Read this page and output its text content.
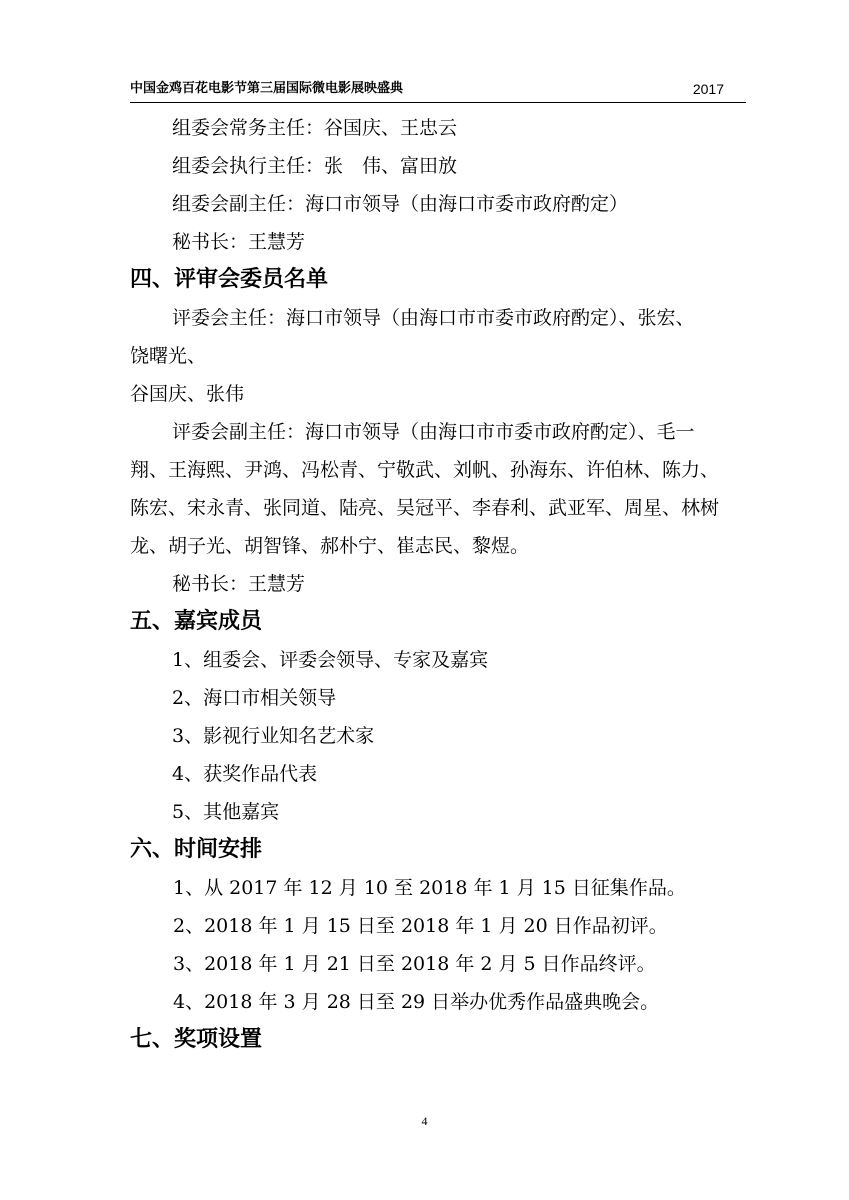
中国金鸡百花电影节第三届国际微电影展映盛典	2017
组委会常务主任：谷国庆、王忠云
组委会执行主任：张　伟、富田放
组委会副主任：海口市领导（由海口市委市政府酌定）
秘书长：王慧芳
四、评审会委员名单
评委会主任：海口市领导（由海口市市委市政府酌定）、张宏、
饶曙光、
谷国庆、张伟
评委会副主任：海口市领导（由海口市市委市政府酌定）、毛一
翔、王海熙、尹鸿、冯松青、宁敬武、刘帆、孙海东、许伯林、陈力、
陈宏、宋永青、张同道、陆亮、吴冠平、李春利、武亚军、周星、林树
龙、胡子光、胡智锋、郝朴宁、崔志民、黎煜。
秘书长：王慧芳
五、嘉宾成员
1、组委会、评委会领导、专家及嘉宾
2、海口市相关领导
3、影视行业知名艺术家
4、获奖作品代表
5、其他嘉宾
六、时间安排
1、从 2017 年 12 月 10 至 2018 年 1 月 15 日征集作品。
2、2018 年 1 月 15 日至 2018 年 1 月 20 日作品初评。
3、2018 年 1 月 21 日至 2018 年 2 月 5 日作品终评。
4、2018 年 3 月 28 日至 29 日举办优秀作品盛典晚会。
七、奖项设置
4
